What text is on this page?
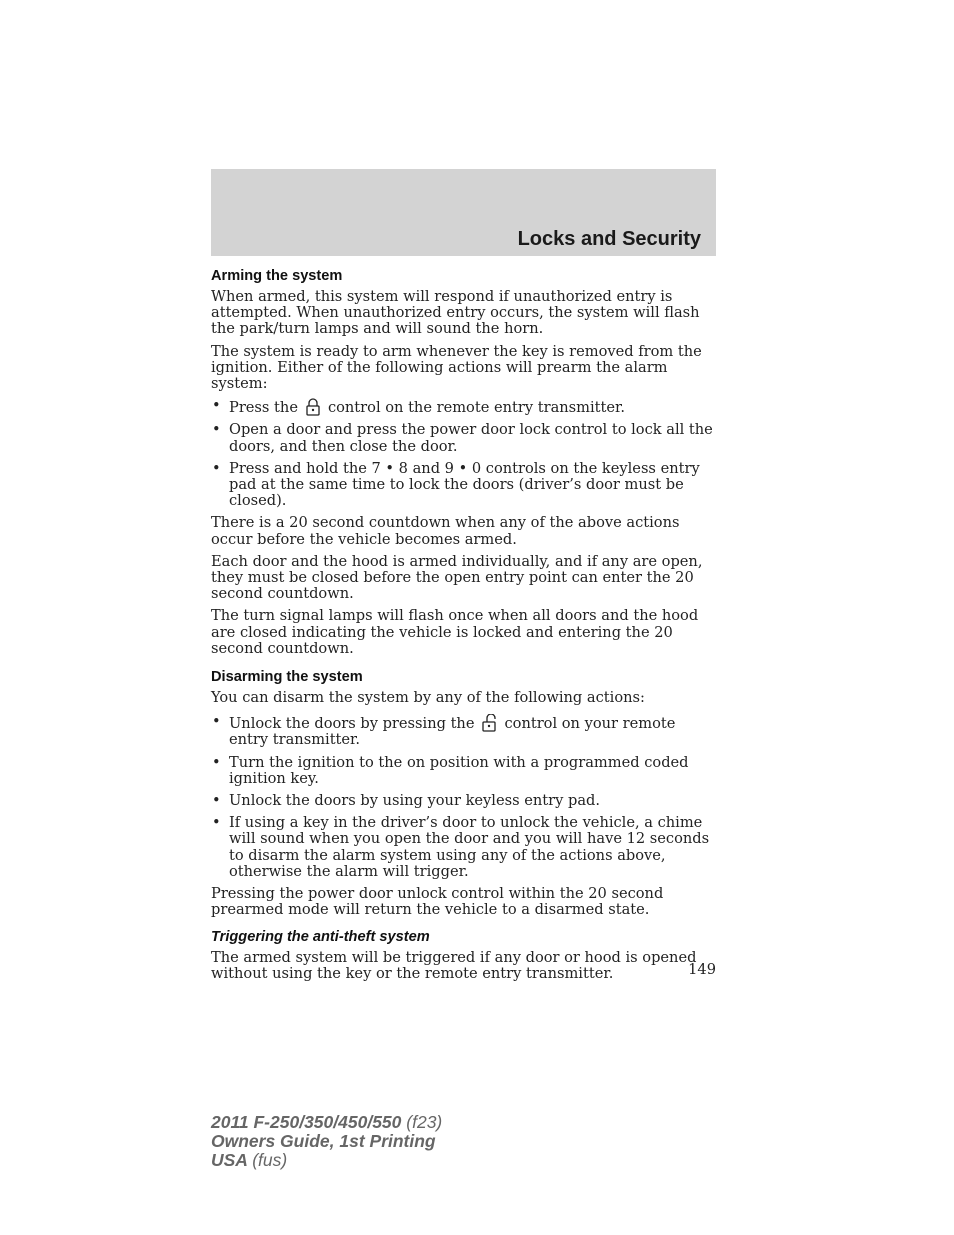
Locks and Security
Arming the system

When armed, this system will respond if unauthorized entry is attempted. When unauthorized entry occurs, the system will flash the park/turn lamps and will sound the horn.

The system is ready to arm whenever the key is removed from the ignition. Either of the following actions will prearm the alarm system:

• Press the control on the remote entry transmitter.
• Open a door and press the power door lock control to lock all the doors, and then close the door.
• Press and hold the 7 • 8 and 9 • 0 controls on the keyless entry pad at the same time to lock the doors (driver’s door must be closed).

There is a 20 second countdown when any of the above actions occur before the vehicle becomes armed.

Each door and the hood is armed individually, and if any are open, they must be closed before the open entry point can enter the 20 second countdown.

The turn signal lamps will flash once when all doors and the hood are closed indicating the vehicle is locked and entering the 20 second countdown.

Disarming the system

You can disarm the system by any of the following actions:

• Unlock the doors by pressing the control on your remote entry transmitter.
• Turn the ignition to the on position with a programmed coded ignition key.
• Unlock the doors by using your keyless entry pad.
• If using a key in the driver’s door to unlock the vehicle, a chime will sound when you open the door and you will have 12 seconds to disarm the alarm system using any of the actions above, otherwise the alarm will trigger.

Pressing the power door unlock control within the 20 second prearmed mode will return the vehicle to a disarmed state.

Triggering the anti-theft system

The armed system will be triggered if any door or hood is opened without using the key or the remote entry transmitter.	149
2011 F-250/350/450/550 (f23)
Owners Guide, 1st Printing
USA (fus)
